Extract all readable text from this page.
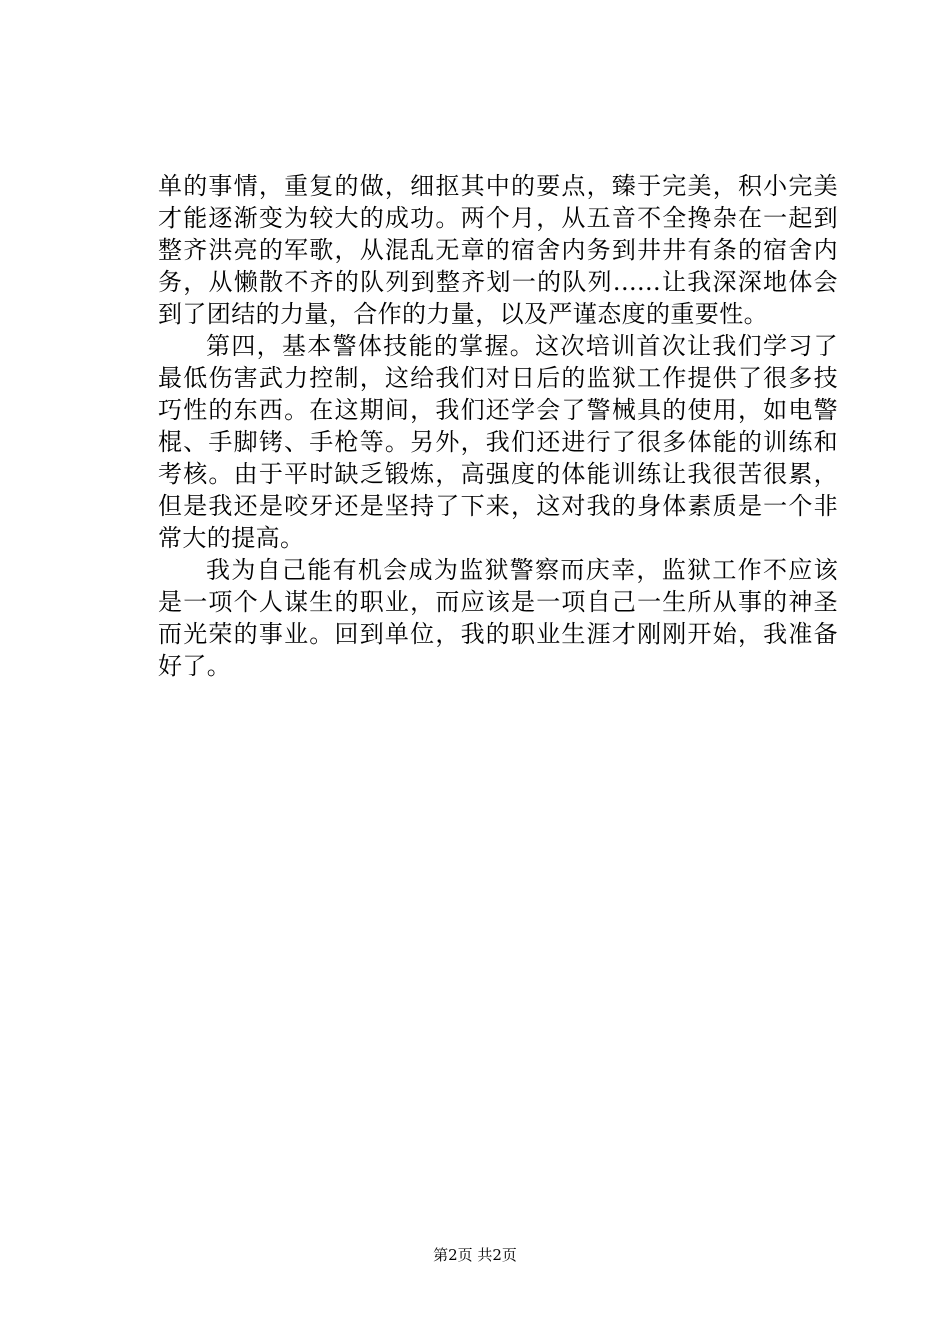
单的事情，重复的做，细抠其中的要点，臻于完美，积小完美才能逐渐变为较大的成功。两个月，从五音不全搀杂在一起到整齐洪亮的军歌，从混乱无章的宿舍内务到井井有条的宿舍内务，从懒散不齐的队列到整齐划一的队列......让我深深地体会到了团结的力量，合作的力量，以及严谨态度的重要性。

第四，基本警体技能的掌握。这次培训首次让我们学习了最低伤害武力控制，这给我们对日后的监狱工作提供了很多技巧性的东西。在这期间，我们还学会了警械具的使用，如电警棍、手脚铐、手枪等。另外，我们还进行了很多体能的训练和考核。由于平时缺乏锻炼，高强度的体能训练让我很苦很累，但是我还是咬牙还是坚持了下来，这对我的身体素质是一个非常大的提高。

我为自己能有机会成为监狱警察而庆幸，监狱工作不应该是一项个人谋生的职业，而应该是一项自己一生所从事的神圣而光荣的事业。回到单位，我的职业生涯才刚刚开始，我准备好了。

第2页 共2页
